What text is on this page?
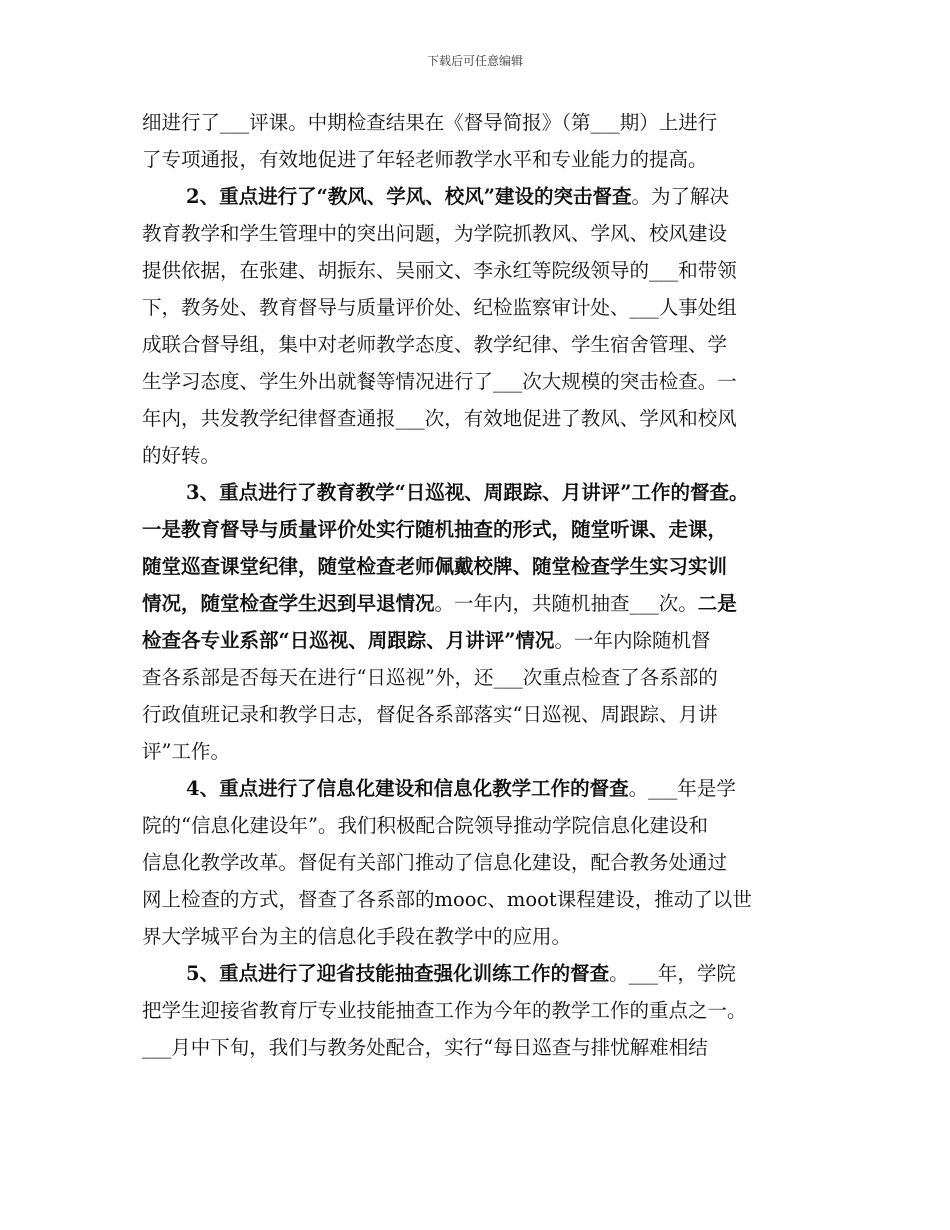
下载后可任意编辑
细进行了___评课。中期检查结果在《督导简报》（第___期）上进行
了专项通报，有效地促进了年轻老师教学水平和专业能力的提高。
2、重点进行了“教风、学风、校风”建设的突击督查。为了解决
教育教学和学生管理中的突出问题，为学院抓教风、学风、校风建设
提供依据，在张建、胡振东、吴丽文、李永红等院级领导的___和带领
下，教务处、教育督导与质量评价处、纪检监察审计处、___人事处组
成联合督导组，集中对老师教学态度、教学纪律、学生宿舍管理、学
生学习态度、学生外出就餐等情况进行了___次大规模的突击检查。一
年内，共发教学纪律督查通报___次，有效地促进了教风、学风和校风
的好转。
3、重点进行了教育教学“日巡视、周跟踪、月讲评”工作的督查。
一是教育督导与质量评价处实行随机抽查的形式，随堂听课、走课，
随堂巡查课堂纪律，随堂检查老师佩戴校牌、随堂检查学生实习实训
情况，随堂检查学生迟到早退情况。一年内，共随机抽查___次。二是
检查各专业系部“日巡视、周跟踪、月讲评”情况。一年内除随机督
查各系部是否每天在进行“日巡视”外，还___次重点检查了各系部的
行政值班记录和教学日志，督促各系部落实“日巡视、周跟踪、月讲
评”工作。
4、重点进行了信息化建设和信息化教学工作的督查。___年是学
院的“信息化建设年”。我们积极配合院领导推动学院信息化建设和
信息化教学改革。督促有关部门推动了信息化建设，配合教务处通过
网上检查的方式，督查了各系部的mooc、moot课程建设，推动了以世
界大学城平台为主的信息化手段在教学中的应用。
5、重点进行了迎省技能抽查强化训练工作的督查。___年，学院
把学生迎接省教育厅专业技能抽查工作为今年的教学工作的重点之一。
___月中下旬，我们与教务处配合，实行“每日巡查与排忧解难相结
